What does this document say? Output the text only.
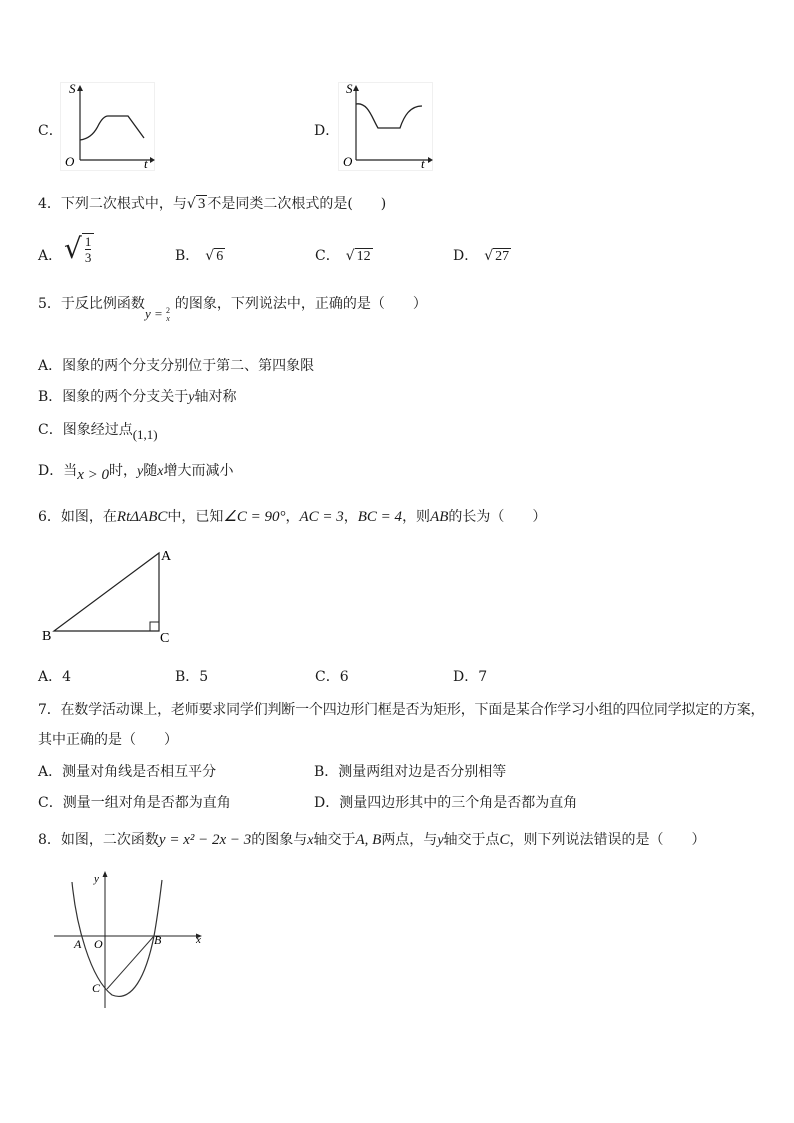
C．
S
O	t
D．
S
O	t
4．下列二次根式中，与√ 3 不是同类二次根式的是(　　)
A． √ $\frac{1}{3}$	B． √ 6	C． √ 12	D． √ 27
5．于反比例函数 的图象，下列说法中，正确的是（　　）
y = 2
x
A．图象的两个分支分别位于第二、第四象限
B．图象的两个分支关于y轴对称
C．图象经过点(1,1)
D．当x > 0时，y随x增大而减小
6．如图，在RtΔABC中，已知∠C = 90°，AC = 3，BC = 4，则AB的长为（　　）
A
B	C
A．4	B．5	C．6	D．7
7．在数学活动课上，老师要求同学们判断一个四边形门框是否为矩形，下面是某合作学习小组的四位同学拟定的方案，
其中正确的是（　　）
A．测量对角线是否相互平分	B．测量两组对边是否分别相等
C．测量一组对角是否都为直角	D．测量四边形其中的三个角是否都为直角
8．如图，二次函数y = x² − 2x − 3的图象与x轴交于A, B两点，与y轴交于点C，则下列说法错误的是（　　）
y
x
A O	B
C
